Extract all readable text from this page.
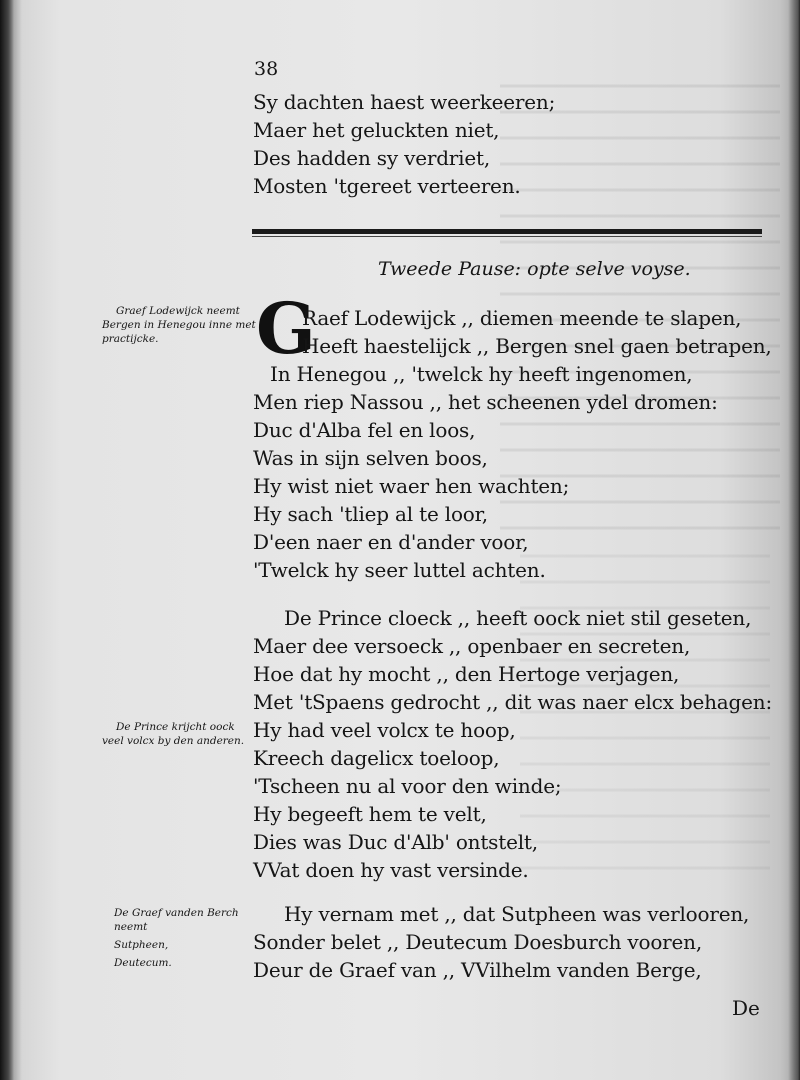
38
Sy dachten haest weerkeeren;
Maer het geluckten niet,
Des hadden sy verdriet,
Mosten 'tgereet verteeren.
Tweede Pause: opte selve voyse.
G
Raef Lodewijck ,, diemen meende te slapen,
Heeft haestelijck ,, Bergen snel gaen betrapen,
In Henegou ,, 'twelck hy heeft ingenomen,
Men riep Nassou ,, het scheenen ydel dromen:
Duc d'Alba fel en loos,
Was in sijn selven boos,
Hy wist niet waer hen wachten;
Hy sach 'tliep al te loor,
D'een naer en d'ander voor,
'Twelck hy seer luttel achten.
De Prince cloeck ,, heeft oock niet stil geseten,
Maer dee versoeck ,, openbaer en secreten,
Hoe dat hy mocht ,, den Hertoge verjagen,
Met 'tSpaens gedrocht ,, dit was naer elcx behagen:
Hy had veel volcx te hoop,
Kreech dagelicx toeloop,
'Tscheen nu al voor den winde;
Hy begeeft hem te velt,
Dies was Duc d'Alb' ontstelt,
VVat doen hy vast versinde.
Hy vernam met ,, dat Sutpheen was verlooren,
Sonder belet ,, Deutecum Doesburch vooren,
Deur de Graef van ,, VVilhelm vanden Berge,
De
Graef Lodewijck neemt
Bergen in Henegou inne met
practijcke.
De Prince krijcht oock
veel volcx by den anderen.
De Graef vanden Berch
neemt
Sutpheen,
Deutecum.
